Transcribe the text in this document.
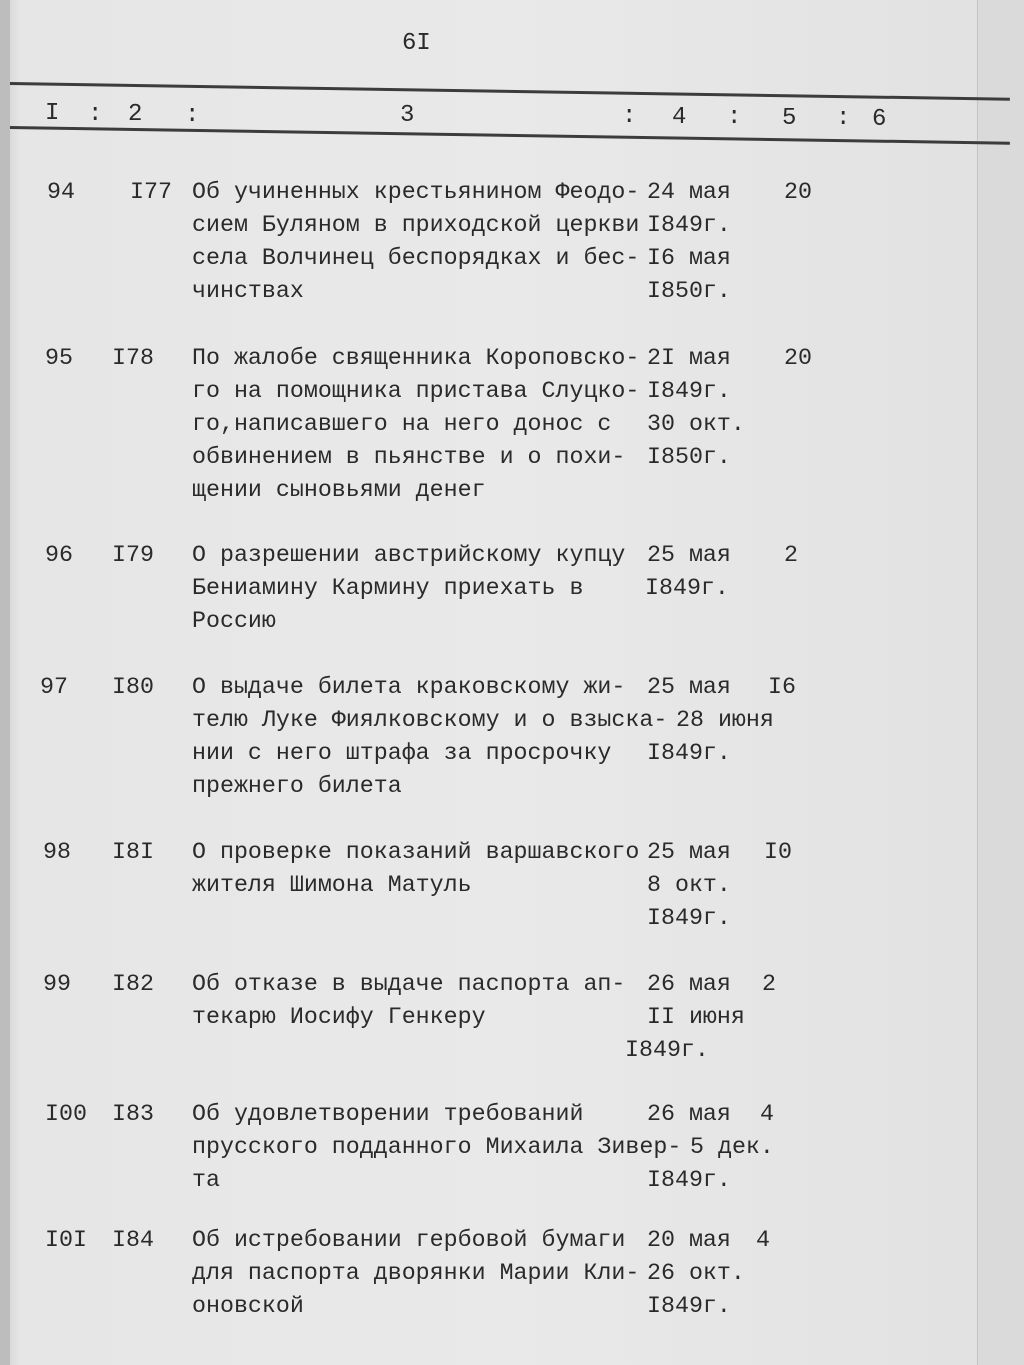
6I
I : 2 :	3	: 4 : 5 : 6
94 I77 Об учиненных крестьянином Феодо-
сием Буляном в приходской церкви
села Волчинец беспорядках и бес-
чинствах
24 мая
I849г.
I6 мая
I850г.
20
95 I78 По жалобе священника Короповско-
го на помощника пристава Слуцко-
го,написавшего на него донос с
обвинением в пьянстве и о похи-
щении сыновьями денег
2I мая
I849г.
30 окт.
I850г.
20
96 I79 О разрешении австрийскому купцу
Бениамину Кармину приехать в
Россию
25 мая
I849г.
2
97 I80 О выдаче билета краковскому жи-
телю Луке Фиялковскому и о взыска-
нии с него штрафа за просрочку
прежнего билета
25 мая
28 июня
I849г.
I6
98 I8I О проверке показаний варшавского
жителя Шимона Матуль
25 мая
8 окт.
I849г.
I0
99 I82 Об отказе в выдаче паспорта ап-
текарю Иосифу Генкеру
26 мая
II июня
I849г.
2
I00 I83 Об удовлетворении требований
прусского подданного Михаила Зивер-
та
26 мая
5 дек.
I849г.
4
I0I I84 Об истребовании гербовой бумаги
для паспорта дворянки Марии Кли-
оновской
20 мая
26 окт.
I849г.
4
